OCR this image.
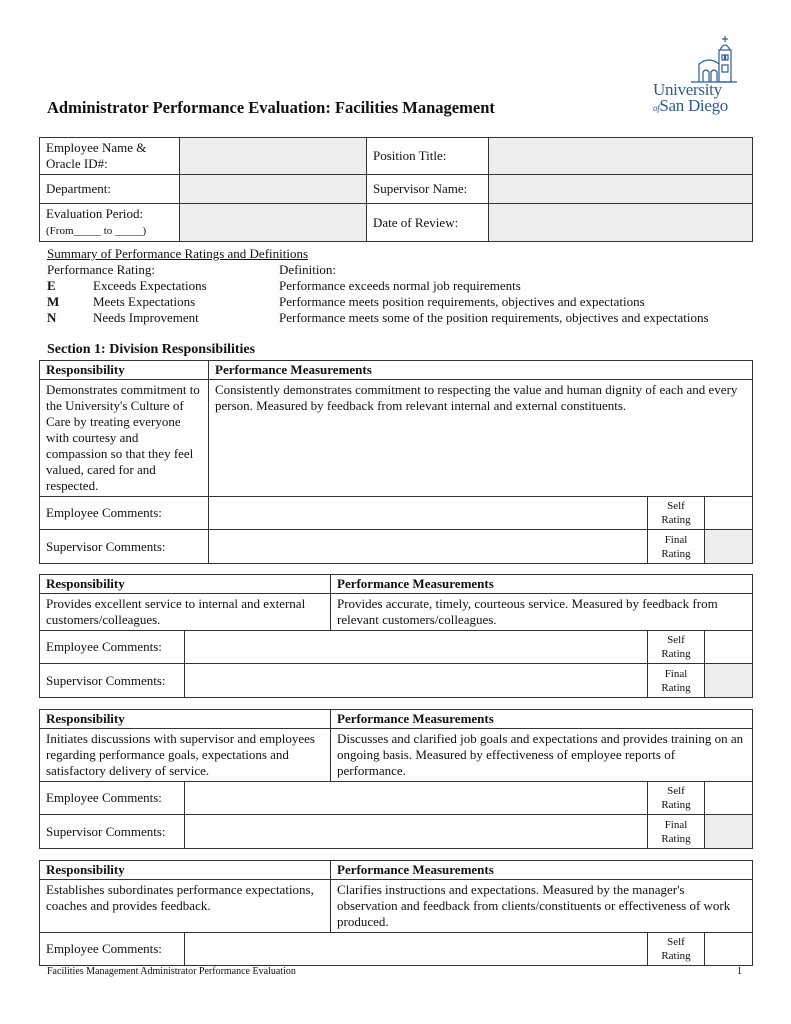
University
ofSan Diego
Administrator Performance Evaluation: Facilities Management
Employee Name &
Oracle ID#:		Position Title:	
Department:		Supervisor Name:	
Evaluation Period:
(From_____ to _____)		Date of Review:	
Summary of Performance Ratings and Definitions
Performance Rating:	Definition:
E	Exceeds Expectations	Performance exceeds normal job requirements
M	Meets Expectations	Performance meets position requirements, objectives and expectations
N	Needs Improvement	Performance meets some of the position requirements, objectives and expectations
Section 1: Division Responsibilities
Responsibility	Performance Measurements		
Demonstrates commitment to the University's Culture of Care by treating everyone with courtesy and compassion so that they feel valued, cared for and respected.	Consistently demonstrates commitment to respecting the value and human dignity of each and every person. Measured by feedback from relevant internal and external constituents.		
Employee Comments:		Self
Rating	
Supervisor Comments:		Final
Rating	
Responsibility		Performance Measurements		
Provides excellent service to internal and external customers/colleagues.		Provides accurate, timely, courteous service. Measured by feedback from relevant customers/colleagues.		
Employee Comments:			Self
Rating	
Supervisor Comments:			Final
Rating	
Responsibility		Performance Measurements		
Initiates discussions with supervisor and employees regarding performance goals, expectations and satisfactory delivery of service.		Discusses and clarified job goals and expectations and provides training on an ongoing basis. Measured by effectiveness of employee reports of performance.		
Employee Comments:			Self
Rating	
Supervisor Comments:			Final
Rating	
Responsibility		Performance Measurements		
Establishes subordinates performance expectations, coaches and provides feedback.		Clarifies instructions and expectations. Measured by the manager's observation and feedback from clients/constituents or effectiveness of work produced.		
Employee Comments:			Self
Rating	
Facilities Management Administrator Performance Evaluation	1
